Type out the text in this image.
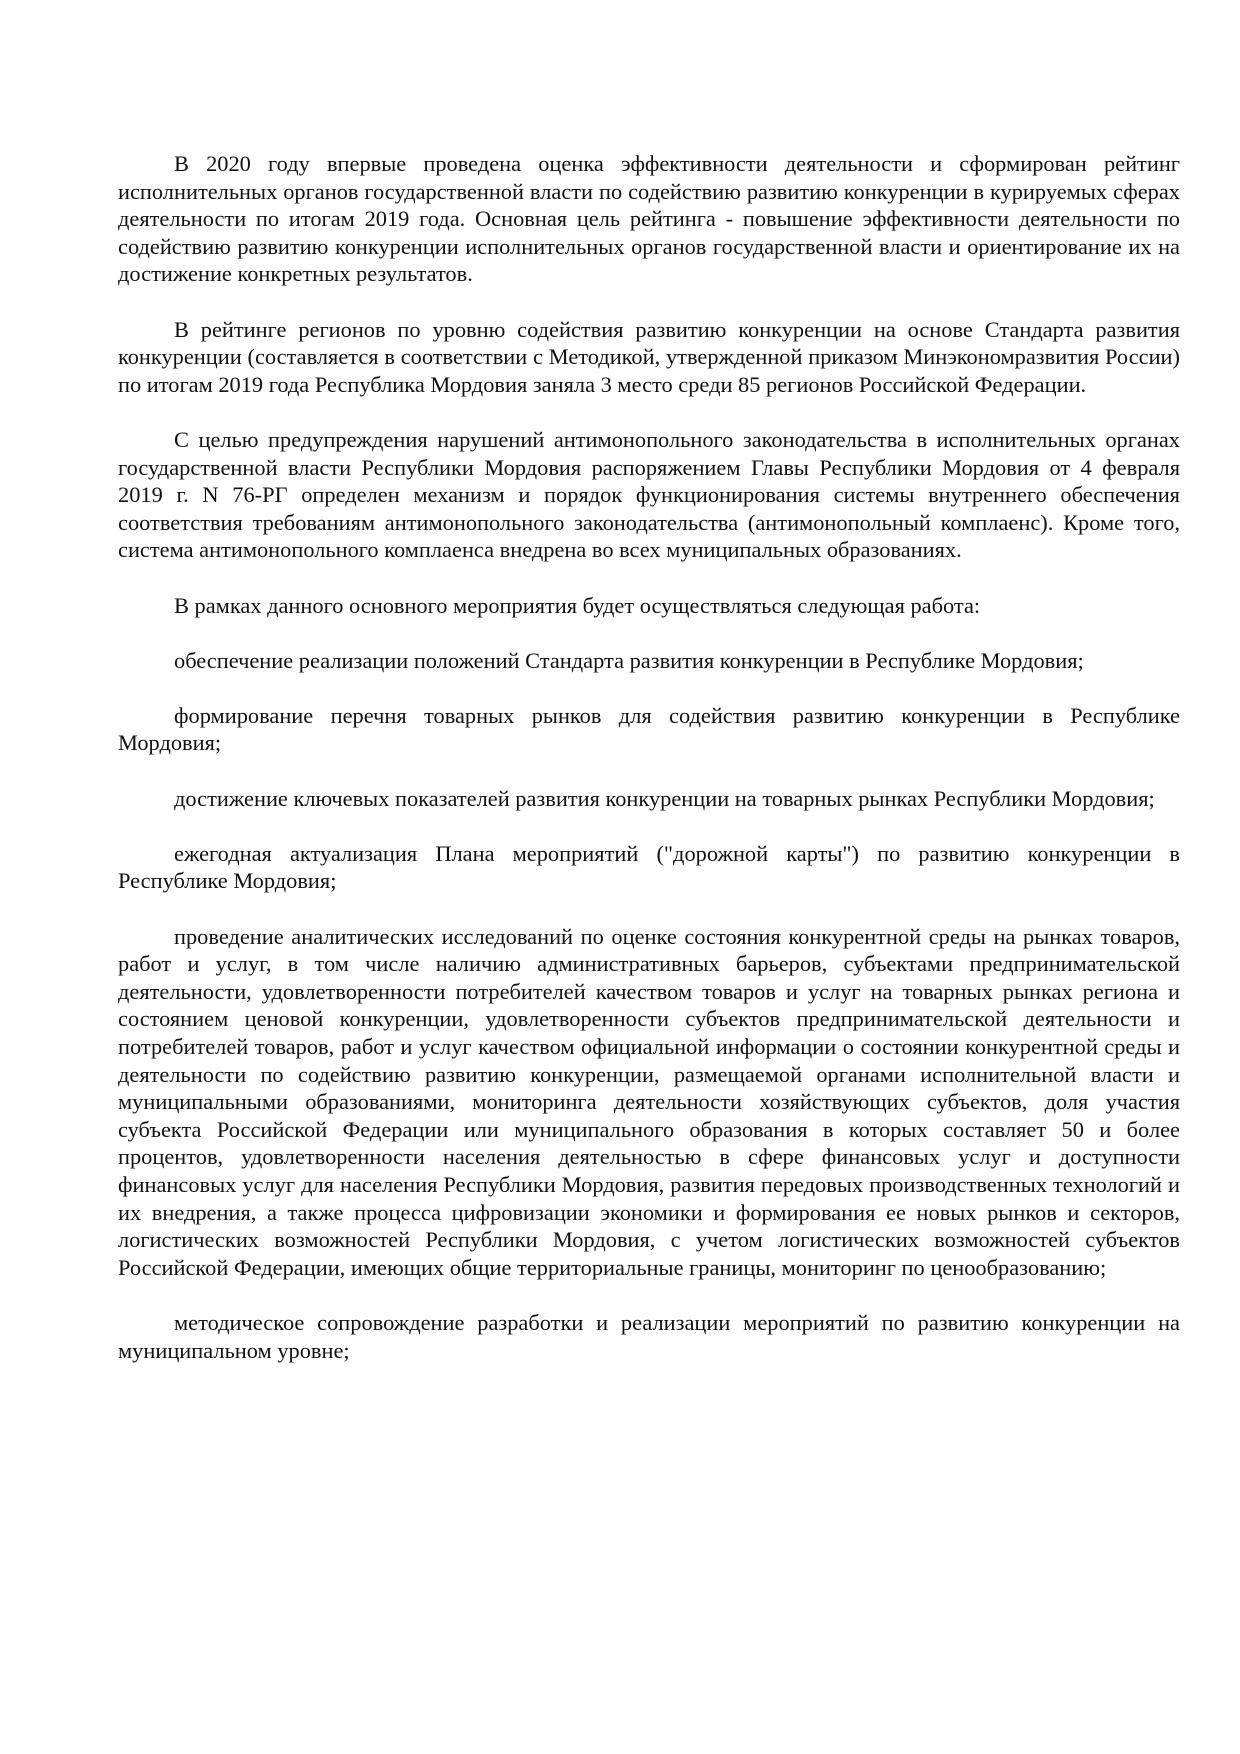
В 2020 году впервые проведена оценка эффективности деятельности и сформирован рейтинг исполнительных органов государственной власти по содействию развитию конкуренции в курируемых сферах деятельности по итогам 2019 года. Основная цель рейтинга - повышение эффективности деятельности по содействию развитию конкуренции исполнительных органов государственной власти и ориентирование их на достижение конкретных результатов.

В рейтинге регионов по уровню содействия развитию конкуренции на основе Стандарта развития конкуренции (составляется в соответствии с Методикой, утвержденной приказом Минэкономразвития России) по итогам 2019 года Республика Мордовия заняла 3 место среди 85 регионов Российской Федерации.

С целью предупреждения нарушений антимонопольного законодательства в исполнительных органах государственной власти Республики Мордовия распоряжением Главы Республики Мордовия от 4 февраля 2019 г. N 76-РГ определен механизм и порядок функционирования системы внутреннего обеспечения соответствия требованиям антимонопольного законодательства (антимонопольный комплаенс). Кроме того, система антимонопольного комплаенса внедрена во всех муниципальных образованиях.

В рамках данного основного мероприятия будет осуществляться следующая работа:

обеспечение реализации положений Стандарта развития конкуренции в Республике Мордовия;

формирование перечня товарных рынков для содействия развитию конкуренции в Республике Мордовия;

достижение ключевых показателей развития конкуренции на товарных рынках Республики Мордовия;

ежегодная актуализация Плана мероприятий ("дорожной карты") по развитию конкуренции в Республике Мордовия;

проведение аналитических исследований по оценке состояния конкурентной среды на рынках товаров, работ и услуг, в том числе наличию административных барьеров, субъектами предпринимательской деятельности, удовлетворенности потребителей качеством товаров и услуг на товарных рынках региона и состоянием ценовой конкуренции, удовлетворенности субъектов предпринимательской деятельности и потребителей товаров, работ и услуг качеством официальной информации о состоянии конкурентной среды и деятельности по содействию развитию конкуренции, размещаемой органами исполнительной власти и муниципальными образованиями, мониторинга деятельности хозяйствующих субъектов, доля участия субъекта Российской Федерации или муниципального образования в которых составляет 50 и более процентов, удовлетворенности населения деятельностью в сфере финансовых услуг и доступности финансовых услуг для населения Республики Мордовия, развития передовых производственных технологий и их внедрения, а также процесса цифровизации экономики и формирования ее новых рынков и секторов, логистических возможностей Республики Мордовия, с учетом логистических возможностей субъектов Российской Федерации, имеющих общие территориальные границы, мониторинг по ценообразованию;

методическое сопровождение разработки и реализации мероприятий по развитию конкуренции на муниципальном уровне;
